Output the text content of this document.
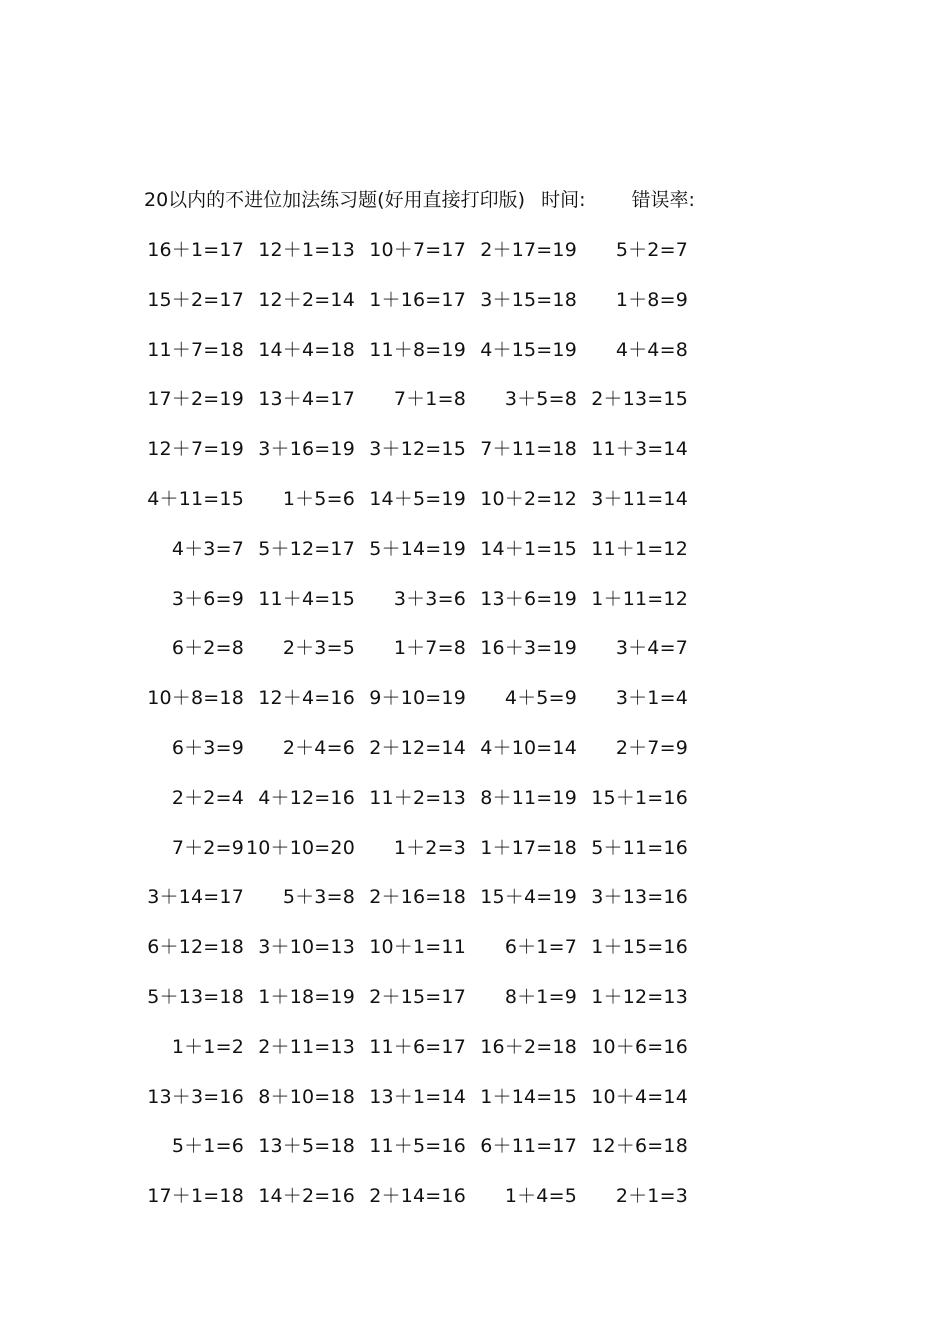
20以内的不进位加法练习题(好用直接打印版) 时间: 错误率:
16＋1=17 12＋1=13 10＋7=17 2＋17=19	5＋2=7
15＋2=17 12＋2=14 1＋16=17 3＋15=18	1＋8=9
11＋7=18 14＋4=18 11＋8=19 4＋15=19	4＋4=8
17＋2=19 13＋4=17	7＋1=8	3＋5=8 2＋13=15
12＋7=19 3＋16=19 3＋12=15 7＋11=18 11＋3=14
4＋11=15	1＋5=6 14＋5=19 10＋2=12 3＋11=14
4＋3=7 5＋12=17 5＋14=19 14＋1=15 11＋1=12
3＋6=9 11＋4=15	3＋3=6 13＋6=19 1＋11=12
6＋2=8	2＋3=5	1＋7=8 16＋3=19	3＋4=7
10＋8=18 12＋4=16 9＋10=19	4＋5=9	3＋1=4
6＋3=9	2＋4=6 2＋12=14 4＋10=14	2＋7=9
2＋2=4 4＋12=16 11＋2=13 8＋11=19 15＋1=16
7＋2=9 10＋10=20	1＋2=3 1＋17=18 5＋11=16
3＋14=17	5＋3=8 2＋16=18 15＋4=19 3＋13=16
6＋12=18 3＋10=13 10＋1=11	6＋1=7 1＋15=16
5＋13=18 1＋18=19 2＋15=17	8＋1=9 1＋12=13
1＋1=2 2＋11=13 11＋6=17 16＋2=18 10＋6=16
13＋3=16 8＋10=18 13＋1=14 1＋14=15 10＋4=14
5＋1=6 13＋5=18 11＋5=16 6＋11=17 12＋6=18
17＋1=18 14＋2=16 2＋14=16	1＋4=5	2＋1=3
